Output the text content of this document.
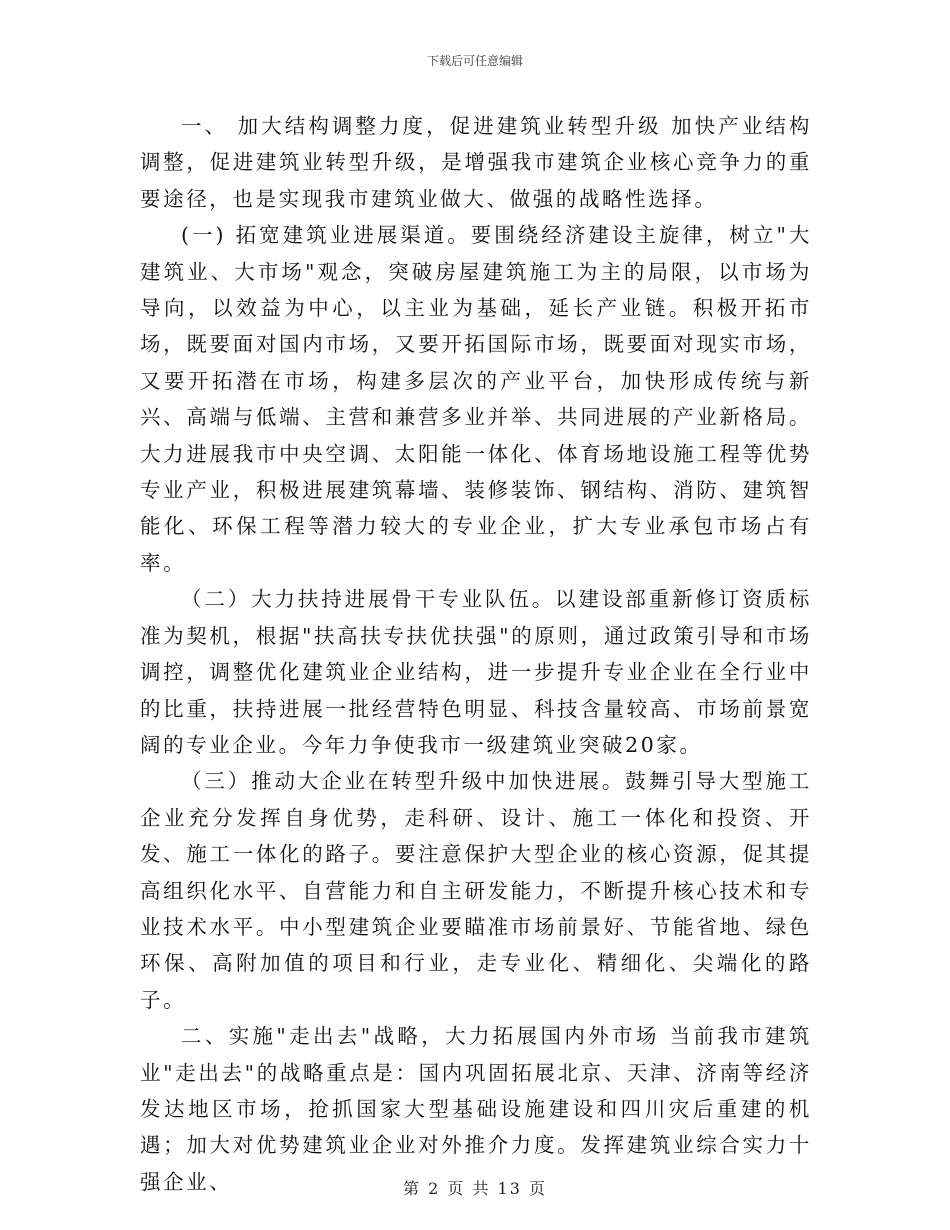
下载后可任意编辑

一、 加大结构调整力度，促进建筑业转型升级 加快产业结构调整，促进建筑业转型升级，是增强我市建筑企业核心竞争力的重要途径，也是实现我市建筑业做大、做强的战略性选择。

(一) 拓宽建筑业进展渠道。要围绕经济建设主旋律，树立"大建筑业、大市场"观念，突破房屋建筑施工为主的局限，以市场为导向，以效益为中心，以主业为基础，延长产业链。积极开拓市场，既要面对国内市场，又要开拓国际市场，既要面对现实市场，又要开拓潜在市场，构建多层次的产业平台，加快形成传统与新兴、高端与低端、主营和兼营多业并举、共同进展的产业新格局。大力进展我市中央空调、太阳能一体化、体育场地设施工程等优势专业产业，积极进展建筑幕墙、装修装饰、钢结构、消防、建筑智能化、环保工程等潜力较大的专业企业，扩大专业承包市场占有率。

（二）大力扶持进展骨干专业队伍。以建设部重新修订资质标准为契机，根据"扶高扶专扶优扶强"的原则，通过政策引导和市场调控，调整优化建筑业企业结构，进一步提升专业企业在全行业中的比重，扶持进展一批经营特色明显、科技含量较高、市场前景宽阔的专业企业。今年力争使我市一级建筑业突破20家。

（三）推动大企业在转型升级中加快进展。鼓舞引导大型施工企业充分发挥自身优势，走科研、设计、施工一体化和投资、开发、施工一体化的路子。要注意保护大型企业的核心资源，促其提高组织化水平、自营能力和自主研发能力，不断提升核心技术和专业技术水平。中小型建筑企业要瞄准市场前景好、节能省地、绿色环保、高附加值的项目和行业，走专业化、精细化、尖端化的路子。

二、实施"走出去"战略，大力拓展国内外市场 当前我市建筑业"走出去"的战略重点是：国内巩固拓展北京、天津、济南等经济发达地区市场，抢抓国家大型基础设施建设和四川灾后重建的机遇；加大对优势建筑业企业对外推介力度。发挥建筑业综合实力十强企业、	第 2 页 共 13 页
